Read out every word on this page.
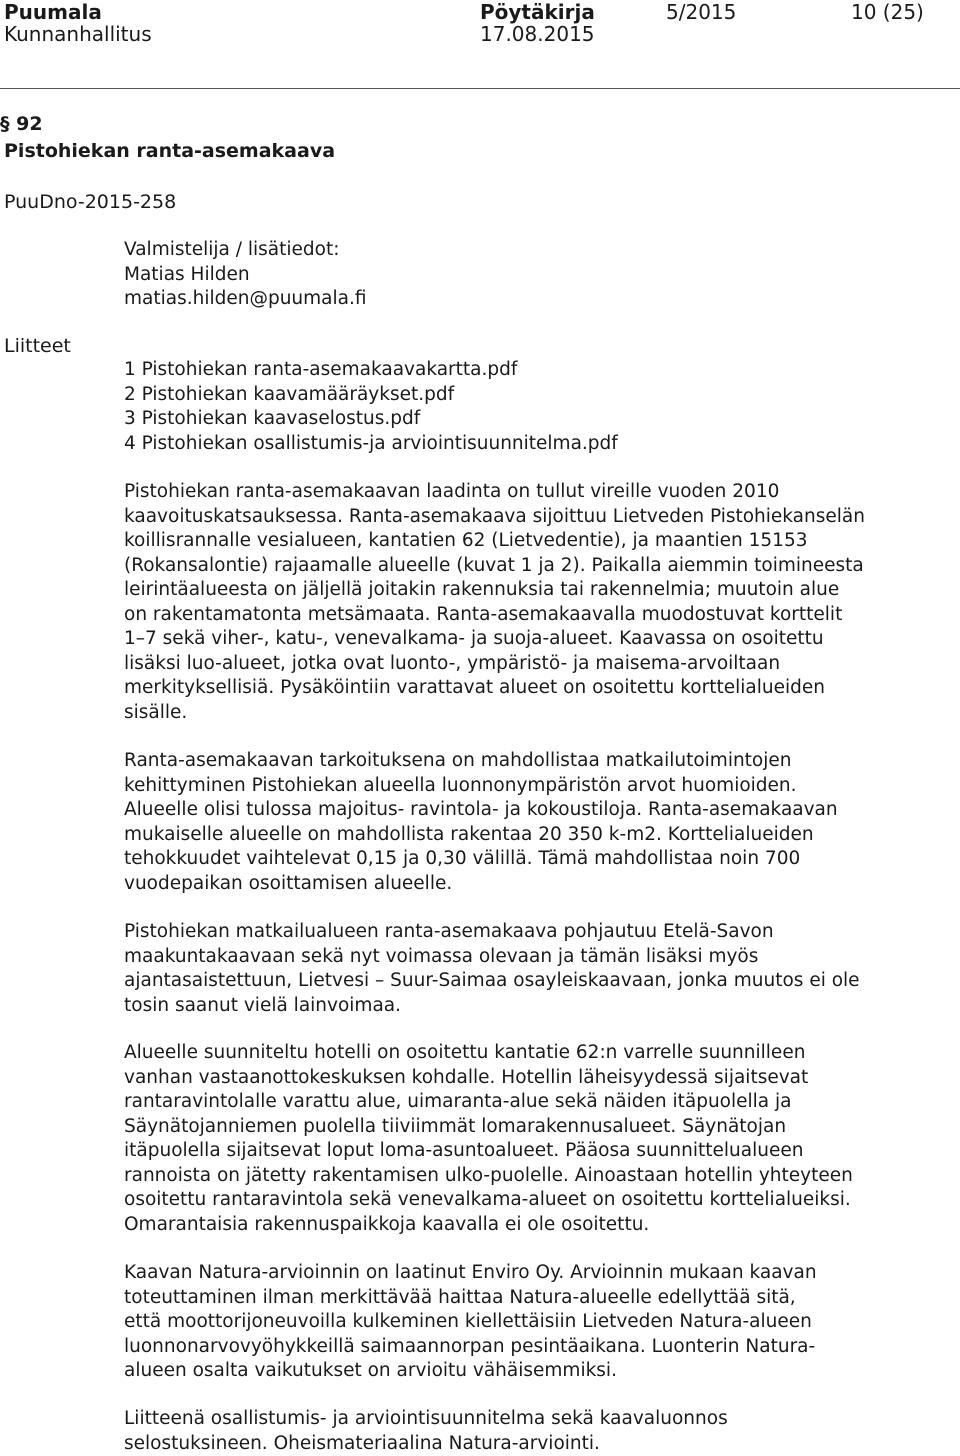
Puumala
Kunnanhallitus
Pöytäkirja
17.08.2015
5/2015	10 (25)
§ 92
Pistohiekan ranta-asemakaava
PuuDno-2015-258
Valmistelija / lisätiedot:
Matias Hilden
matias.hilden@puumala.fi
Liitteet
1 Pistohiekan ranta-asemakaavakartta.pdf
2 Pistohiekan kaavamääräykset.pdf
3 Pistohiekan kaavaselostus.pdf
4 Pistohiekan osallistumis-ja arviointisuunnitelma.pdf
Pistohiekan ranta-asemakaavan laadinta on tullut vireille vuoden 2010
kaavoituskatsauksessa. Ranta-asemakaava sijoittuu Lietveden Pistohiekanselän
koillisrannalle vesialueen, kantatien 62 (Lietvedentie), ja maantien 15153
(Rokansalontie) rajaamalle alueelle (kuvat 1 ja 2). Paikalla aiemmin toimineesta
leirintäalueesta on jäljellä joitakin rakennuksia tai rakennelmia; muutoin alue
on rakentamatonta metsämaata. Ranta-asemakaavalla muodostuvat korttelit
1–7 sekä viher-, katu-, venevalkama- ja suoja-alueet. Kaavassa on osoitettu
lisäksi luo-alueet, jotka ovat luonto-, ympäristö- ja maisema-arvoiltaan
merkityksellisiä. Pysäköintiin varattavat alueet on osoitettu korttelialueiden
sisälle.
Ranta-asemakaavan tarkoituksena on mahdollistaa matkailutoimintojen
kehittyminen Pistohiekan alueella luonnonympäristön arvot huomioiden.
Alueelle olisi tulossa majoitus- ravintola- ja kokoustiloja. Ranta-asemakaavan
mukaiselle alueelle on mahdollista rakentaa 20 350 k-m2. Korttelialueiden
tehokkuudet vaihtelevat 0,15 ja 0,30 välillä. Tämä mahdollistaa noin 700
vuodepaikan osoittamisen alueelle.
Pistohiekan matkailualueen ranta-asemakaava pohjautuu Etelä-Savon
maakuntakaavaan sekä nyt voimassa olevaan ja tämän lisäksi myös
ajantasaistettuun, Lietvesi – Suur-Saimaa osayleiskaavaan, jonka muutos ei ole
tosin saanut vielä lainvoimaa.
Alueelle suunniteltu hotelli on osoitettu kantatie 62:n varrelle suunnilleen
vanhan vastaanottokeskuksen kohdalle. Hotellin läheisyydessä sijaitsevat
rantaravintolalle varattu alue, uimaranta-alue sekä näiden itäpuolella ja
Säynätojanniemen puolella tiiviimmät lomarakennusalueet. Säynätojan
itäpuolella sijaitsevat loput loma-asuntoalueet. Pääosa suunnittelualueen
rannoista on jätetty rakentamisen ulko-puolelle. Ainoastaan hotellin yhteyteen
osoitettu rantaravintola sekä venevalkama-alueet on osoitettu korttelialueiksi.
Omarantaisia rakennuspaikkoja kaavalla ei ole osoitettu.
Kaavan Natura-arvioinnin on laatinut Enviro Oy. Arvioinnin mukaan kaavan
toteuttaminen ilman merkittävää haittaa Natura-alueelle edellyttää sitä,
että moottorijoneuvoilla kulkeminen kiellettäisiin Lietveden Natura-alueen
luonnonarvovyöhykkeillä saimaannorpan pesintäaikana. Luonterin Natura-
alueen osalta vaikutukset on arvioitu vähäisemmiksi.
Liitteenä osallistumis- ja arviointisuunnitelma sekä kaavaluonnos
selostuksineen. Oheismateriaalina Natura-arviointi.
